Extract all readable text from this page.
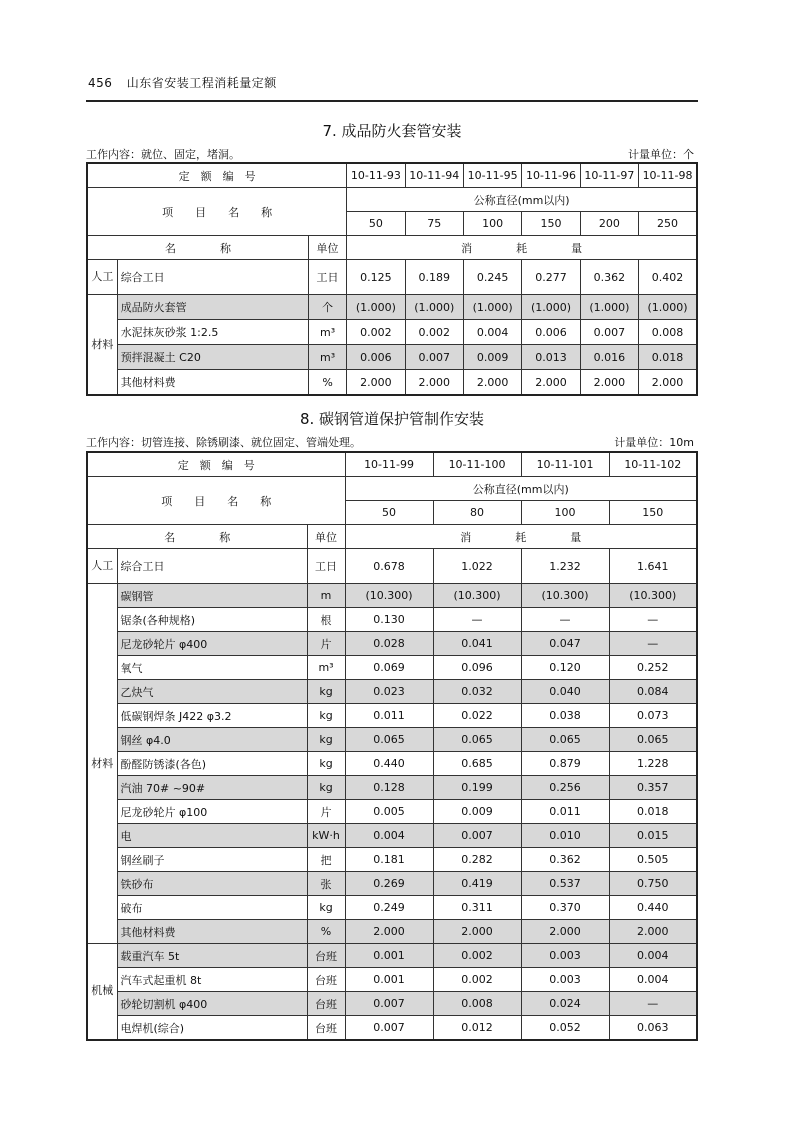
456 山东省安装工程消耗量定额
7. 成品防火套管安装
工作内容：就位、固定，堵洞。	计量单位：个
定　额　编　号			10-11-93	10-11-94	10-11-95	10-11-96	10-11-97	10-11-98
项　　目　　名　　称			公称直径(mm以内)					
			50	75	100	150	200	250
名　　　　称		单位	消　　　　耗　　　　量					
人工	综合工日	工日	0.125	0.189	0.245	0.277	0.362	0.402
材料	成品防火套管	个	(1.000)	(1.000)	(1.000)	(1.000)	(1.000)	(1.000)
	水泥抹灰砂浆 1:2.5	m³	0.002	0.002	0.004	0.006	0.007	0.008
	预拌混凝土 C20	m³	0.006	0.007	0.009	0.013	0.016	0.018
	其他材料费	%	2.000	2.000	2.000	2.000	2.000	2.000
8. 碳钢管道保护管制作安装
工作内容：切管连接、除锈刷漆、就位固定、管端处理。	计量单位：10m
定　额　编　号			10-11-99	10-11-100	10-11-101	10-11-102
项　　目　　名　　称			公称直径(mm以内)			
			50	80	100	150
名　　　　称		单位	消　　　　耗　　　　量			
人工	综合工日	工日	0.678	1.022	1.232	1.641
材料	碳钢管	m	(10.300)	(10.300)	(10.300)	(10.300)
	锯条(各种规格)	根	0.130	—	—	—
	尼龙砂轮片 φ400	片	0.028	0.041	0.047	—
	氧气	m³	0.069	0.096	0.120	0.252
	乙炔气	kg	0.023	0.032	0.040	0.084
	低碳钢焊条 J422 φ3.2	kg	0.011	0.022	0.038	0.073
	钢丝 φ4.0	kg	0.065	0.065	0.065	0.065
	酚醛防锈漆(各色)	kg	0.440	0.685	0.879	1.228
	汽油 70# ~90#	kg	0.128	0.199	0.256	0.357
	尼龙砂轮片 φ100	片	0.005	0.009	0.011	0.018
	电	kW·h	0.004	0.007	0.010	0.015
	钢丝刷子	把	0.181	0.282	0.362	0.505
	铁砂布	张	0.269	0.419	0.537	0.750
	破布	kg	0.249	0.311	0.370	0.440
	其他材料费	%	2.000	2.000	2.000	2.000
机械	载重汽车 5t	台班	0.001	0.002	0.003	0.004
	汽车式起重机 8t	台班	0.001	0.002	0.003	0.004
	砂轮切割机 φ400	台班	0.007	0.008	0.024	—
	电焊机(综合)	台班	0.007	0.012	0.052	0.063
